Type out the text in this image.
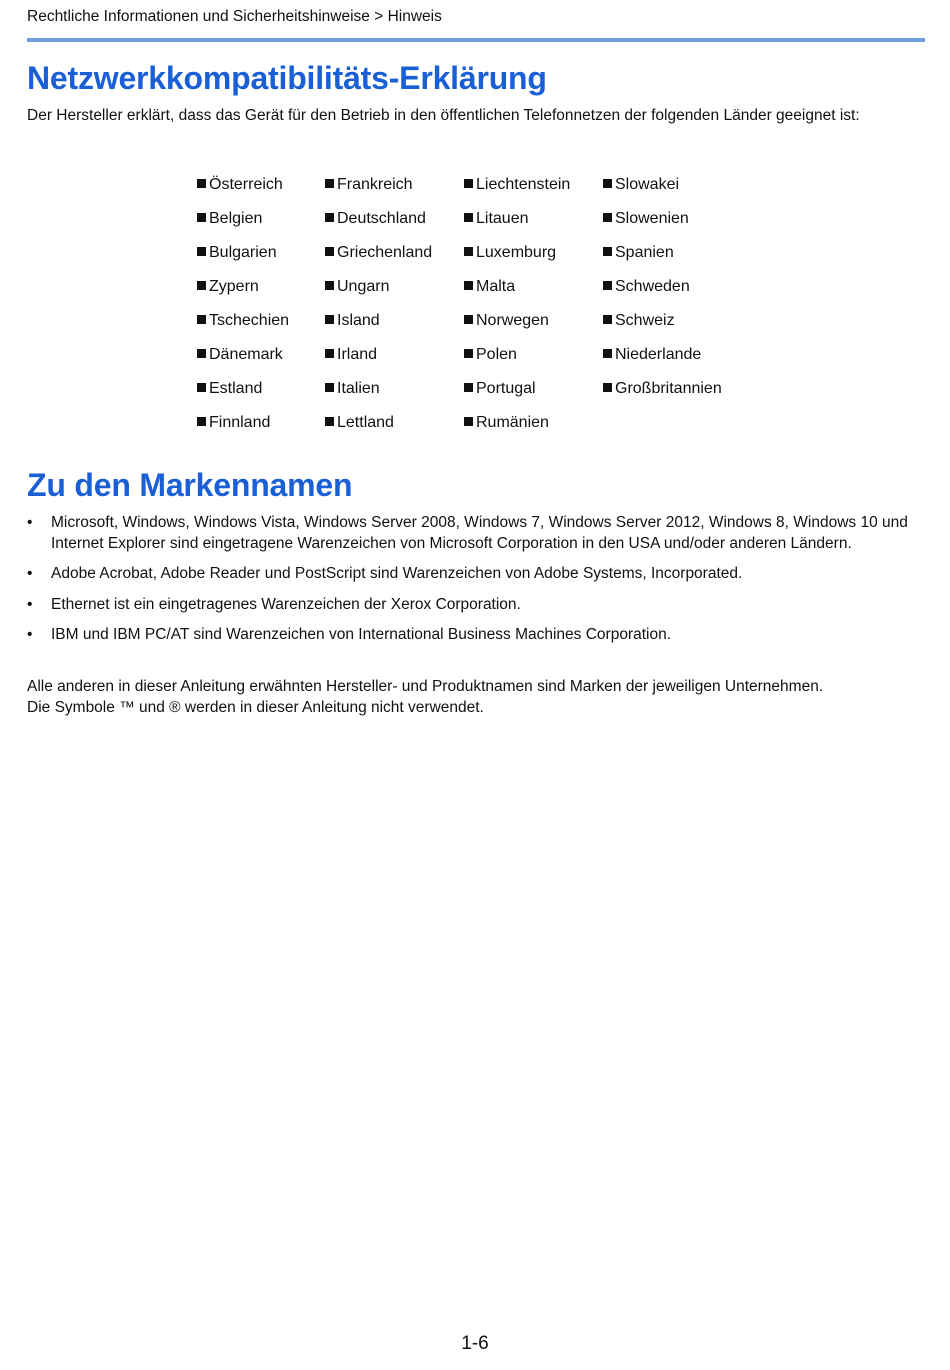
Rechtliche Informationen und Sicherheitshinweise > Hinweis
Netzwerkkompatibilitäts-Erklärung
Der Hersteller erklärt, dass das Gerät für den Betrieb in den öffentlichen Telefonnetzen der folgenden Länder geeignet ist:
Österreich	Frankreich	Liechtenstein	Slowakei
Belgien	Deutschland	Litauen	Slowenien
Bulgarien	Griechenland	Luxemburg	Spanien
Zypern	Ungarn	Malta	Schweden
Tschechien	Island	Norwegen	Schweiz
Dänemark	Irland	Polen	Niederlande
Estland	Italien	Portugal	Großbritannien
Finnland	Lettland	Rumänien
Zu den Markennamen
• Microsoft, Windows, Windows Vista, Windows Server 2008, Windows 7, Windows Server 2012, Windows 8, Windows 10 und Internet Explorer sind eingetragene Warenzeichen von Microsoft Corporation in den USA und/oder anderen Ländern.
• Adobe Acrobat, Adobe Reader und PostScript sind Warenzeichen von Adobe Systems, Incorporated.
• Ethernet ist ein eingetragenes Warenzeichen der Xerox Corporation.
• IBM und IBM PC/AT sind Warenzeichen von International Business Machines Corporation.
Alle anderen in dieser Anleitung erwähnten Hersteller- und Produktnamen sind Marken der jeweiligen Unternehmen.
Die Symbole ™ und ® werden in dieser Anleitung nicht verwendet.
1-6
